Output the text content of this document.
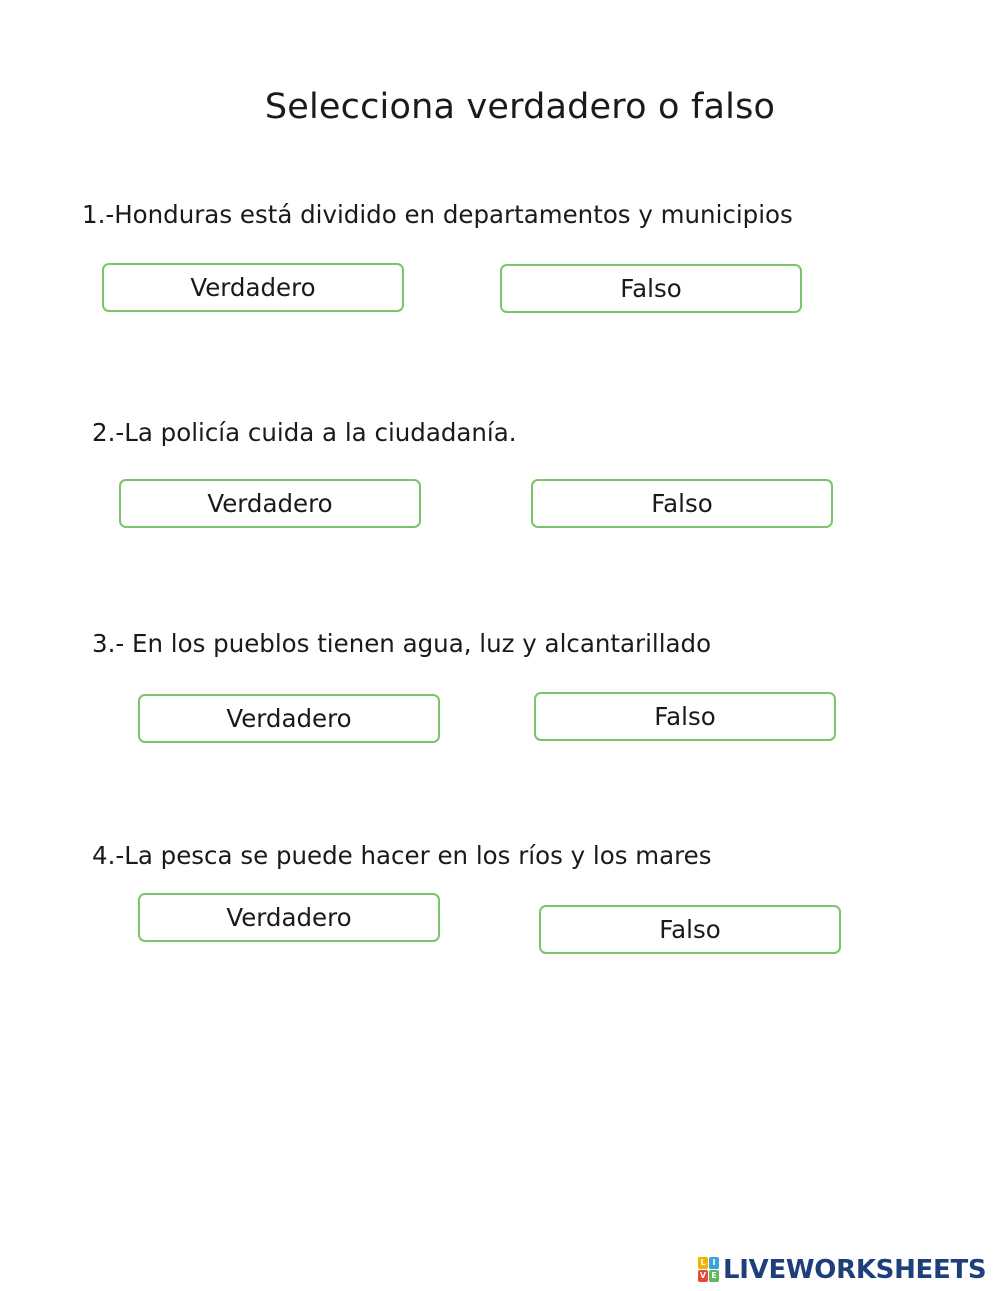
Selecciona verdadero o falso
1.-Honduras está dividido en departamentos y municipios
Verdadero	Falso
2.-La policía cuida a la ciudadanía.
Verdadero	Falso
3.- En los pueblos tienen agua, luz y alcantarillado
Verdadero	Falso
4.-La pesca se puede hacer en los ríos y los mares
Verdadero	Falso
L I
V E LIVEWORKSHEETS
